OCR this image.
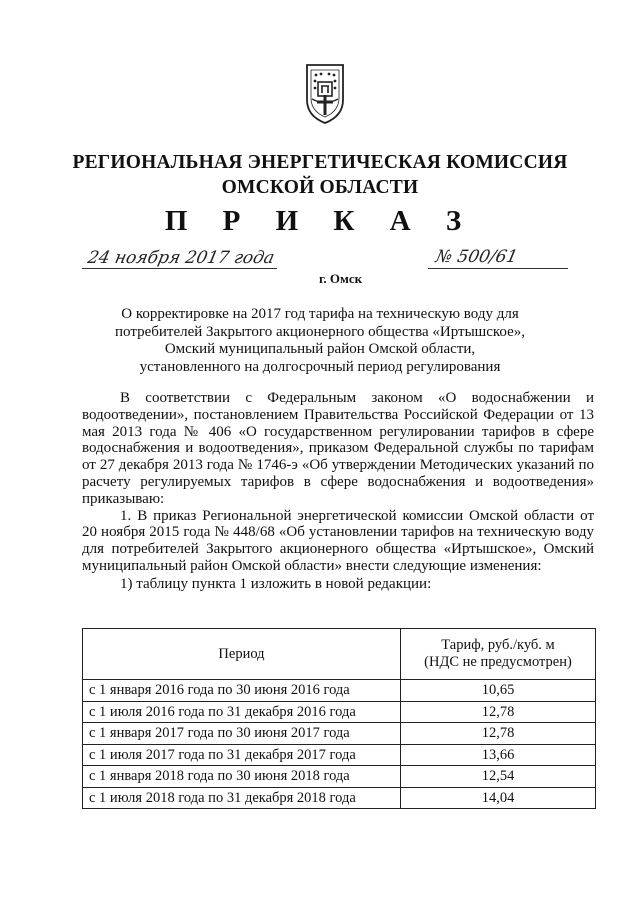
РЕГИОНАЛЬНАЯ ЭНЕРГЕТИЧЕСКАЯ КОМИССИЯ
ОМСКОЙ ОБЛАСТИ
П Р И К А З
24 ноября 2017 года
г. Омск
№ 500/61
О корректировке на 2017 год тарифа на техническую воду для
потребителей Закрытого акционерного общества «Иртышское»,
Омский муниципальный район Омской области,
установленного на долгосрочный период регулирования

В соответствии с Федеральным законом «О водоснабжении и водоотведении», постановлением Правительства Российской Федерации от 13 мая 2013 года № 406 «О государственном регулировании тарифов в сфере водоснабжения и водоотведения», приказом Федеральной службы по тарифам от 27 декабря 2013 года № 1746-э «Об утверждении Методических указаний по расчету регулируемых тарифов в сфере водоснабжения и водоотведения» приказываю:

1. В приказ Региональной энергетической комиссии Омской области от 20 ноября 2015 года № 448/68 «Об установлении тарифов на техническую воду для потребителей Закрытого акционерного общества «Иртышское», Омский муниципальный район Омской области» внести следующие изменения:

1) таблицу пункта 1 изложить в новой редакции:

Период	Тариф, руб./куб. м
(НДС не предусмотрен)

с 1 января 2016 года по 30 июня 2016 года	10,65
с 1 июля 2016 года по 31 декабря 2016 года	12,78
с 1 января 2017 года по 30 июня 2017 года	12,78
с 1 июля 2017 года по 31 декабря 2017 года	13,66
с 1 января 2018 года по 30 июня 2018 года	12,54
с 1 июля 2018 года по 31 декабря 2018 года	14,04
